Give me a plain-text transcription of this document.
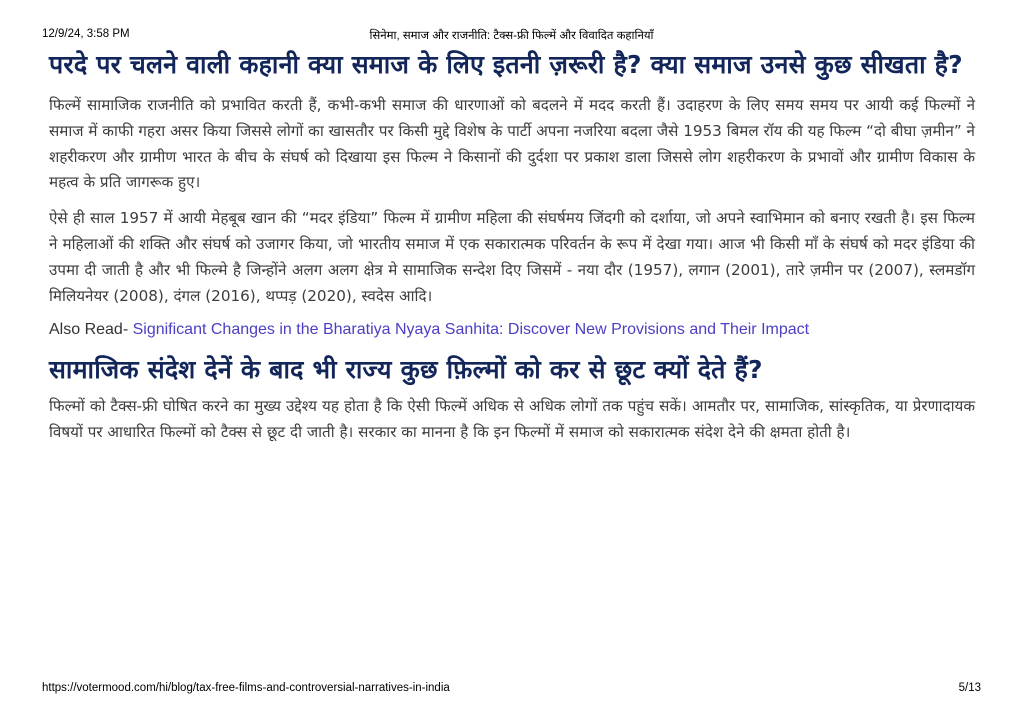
12/9/24, 3:58 PM	सिनेमा, समाज और राजनीति: टैक्स-फ्री फिल्में और विवादित कहानियाँ
परदे पर चलने वाली कहानी क्या समाज के लिए इतनी ज़रूरी है? क्या समाज उनसे कुछ सीखता है?

फिल्में सामाजिक राजनीति को प्रभावित करती हैं, कभी-कभी समाज की धारणाओं को बदलने में मदद करती हैं। उदाहरण के लिए समय समय पर आयी कई फिल्मों ने समाज में काफी गहरा असर किया जिससे लोगों का खासतौर पर किसी मुद्दे विशेष के पार्टी अपना नजरिया बदला जैसे 1953 बिमल रॉय की यह फिल्म “दो बीघा ज़मीन” ने शहरीकरण और ग्रामीण भारत के बीच के संघर्ष को दिखाया इस फिल्म ने किसानों की दुर्दशा पर प्रकाश डाला जिससे लोग शहरीकरण के प्रभावों और ग्रामीण विकास के महत्व के प्रति जागरूक हुए।

ऐसे ही साल 1957 में आयी मेहबूब खान की “मदर इंडिया” फिल्म में ग्रामीण महिला की संघर्षमय जिंदगी को दर्शाया, जो अपने स्वाभिमान को बनाए रखती है। इस फिल्म ने महिलाओं की शक्ति और संघर्ष को उजागर किया, जो भारतीय समाज में एक सकारात्मक परिवर्तन के रूप में देखा गया। आज भी किसी माँ के संघर्ष को मदर इंडिया की उपमा दी जाती है और भी फिल्मे है जिन्होंने अलग अलग क्षेत्र मे सामाजिक सन्देश दिए जिसमें - नया दौर (1957), लगान (2001), तारे ज़मीन पर (2007), स्लमडॉग मिलियनेयर (2008), दंगल (2016), थप्पड़ (2020), स्वदेस आदि।

Also Read- Significant Changes in the Bharatiya Nyaya Sanhita: Discover New Provisions and Their Impact
सामाजिक संदेश देनें के बाद भी राज्य कुछ फ़िल्मों को कर से छूट क्यों देते हैं?

फिल्मों को टैक्स-फ्री घोषित करने का मुख्य उद्देश्य यह होता है कि ऐसी फिल्में अधिक से अधिक लोगों तक पहुंच सकें। आमतौर पर, सामाजिक, सांस्कृतिक, या प्रेरणादायक विषयों पर आधारित फिल्मों को टैक्स से छूट दी जाती है। सरकार का मानना है कि इन फिल्मों में समाज को सकारात्मक संदेश देने की क्षमता होती है।

https://votermood.com/hi/blog/tax-free-films-and-controversial-narratives-in-india	5/13
